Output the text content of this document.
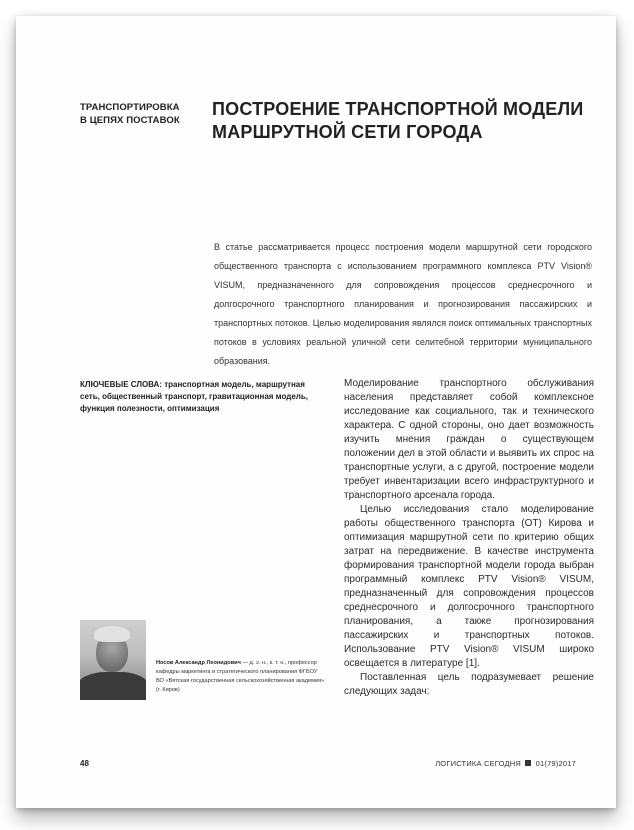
ТРАНСПОРТИРОВКА
В ЦЕПЯХ ПОСТАВОК
ПОСТРОЕНИЕ ТРАНСПОРТНОЙ МОДЕЛИ
МАРШРУТНОЙ СЕТИ ГОРОДА
В статье рассматривается процесс построения модели маршрутной сети городского общественного транспорта с использованием программного комплекса PTV Vision® VISUM, предназначенного для сопровождения процессов среднесрочного и долгосрочного транспортного планирования и прогнозирования пассажирских и транспортных потоков. Целью моделирования являлся поиск оптимальных транспортных потоков в условиях реальной уличной сети селитебной территории муниципального образования.
КЛЮЧЕВЫЕ СЛОВА: транспортная модель, маршрутная сеть, общественный транспорт, гравитационная модель, функция полезности, оптимизация

Моделирование транспортного обслуживания населения представляет собой комплексное исследование как социального, так и технического характера. С одной стороны, оно дает возможность изучить мнения граждан о существующем положении дел в этой области и выявить их спрос на транспортные услуги, а с другой, построение модели требует инвентаризации всего инфраструктурного и транспортного арсенала города.

Целью исследования стало моделирование работы общественного транспорта (ОТ) Кирова и оптимизация маршрутной сети по критерию общих затрат на передвижение. В качестве инструмента формирования транспортной модели города выбран программный комплекс PTV Vision® VISUM, предназначенный для сопровождения процессов среднесрочного и долгосрочного транспортного планирования, а также прогнозирования пассажирских и транспортных потоков. Использование PTV Vision® VISUM широко освещается в литературе [1].

Поставленная цель подразумевает решение следующих задач:

Носов Александр Леонидович — д. э. н., к. т. н., профессор кафедры маркетинга и стратегического планирования ФГБОУ ВО «Вятская государственная сельскохозяйственная академия» (г. Киров)
48	ЛОГИСТИКА СЕГОДНЯ 01(79)2017
